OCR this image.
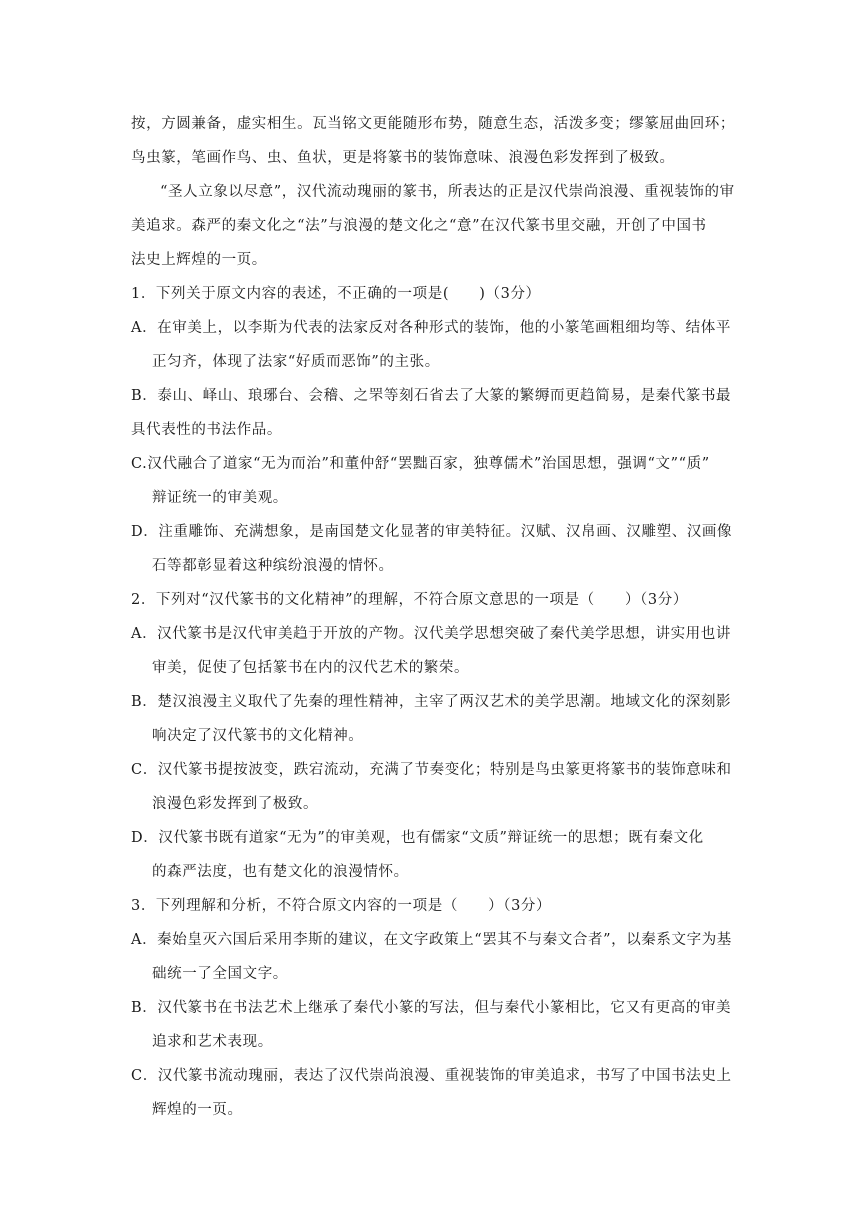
按，方圆兼备，虚实相生。瓦当铭文更能随形布势，随意生态，活泼多变；缪篆屈曲回环；
鸟虫篆，笔画作鸟、虫、鱼状，更是将篆书的装饰意味、浪漫色彩发挥到了极致。
“圣人立象以尽意”，汉代流动瑰丽的篆书，所表达的正是汉代崇尚浪漫、重视装饰的审
美追求。森严的秦文化之“法”与浪漫的楚文化之“意”在汉代篆书里交融，开创了中国书
法史上辉煌的一页。
1．下列关于原文内容的表述，不正确的一项是(　　)（3分）
A．在审美上，以李斯为代表的法家反对各种形式的装饰，他的小篆笔画粗细均等、结体平
正匀齐，体现了法家“好质而恶饰”的主张。
B．泰山、峄山、琅琊台、会稽、之罘等刻石省去了大篆的繁缛而更趋简易，是秦代篆书最
具代表性的书法作品。
C.汉代融合了道家“无为而治”和董仲舒“罢黜百家，独尊儒术”治国思想，强调“文”“质”
辩证统一的审美观。
D．注重雕饰、充满想象，是南国楚文化显著的审美特征。汉赋、汉帛画、汉雕塑、汉画像
石等都彰显着这种缤纷浪漫的情怀。
2．下列对“汉代篆书的文化精神”的理解，不符合原文意思的一项是（　　）（3分）
A．汉代篆书是汉代审美趋于开放的产物。汉代美学思想突破了秦代美学思想，讲实用也讲
审美，促使了包括篆书在内的汉代艺术的繁荣。
B．楚汉浪漫主义取代了先秦的理性精神，主宰了两汉艺术的美学思潮。地域文化的深刻影
响决定了汉代篆书的文化精神。
C．汉代篆书提按波变，跌宕流动，充满了节奏变化；特别是鸟虫篆更将篆书的装饰意味和
浪漫色彩发挥到了极致。
D．汉代篆书既有道家“无为”的审美观，也有儒家“文质”辩证统一的思想；既有秦文化
的森严法度，也有楚文化的浪漫情怀。
3．下列理解和分析，不符合原文内容的一项是（　　）（3分）
A．秦始皇灭六国后采用李斯的建议，在文字政策上“罢其不与秦文合者”，以秦系文字为基
础统一了全国文字。
B．汉代篆书在书法艺术上继承了秦代小篆的写法，但与秦代小篆相比，它又有更高的审美
追求和艺术表现。
C．汉代篆书流动瑰丽，表达了汉代崇尚浪漫、重视装饰的审美追求，书写了中国书法史上
辉煌的一页。
